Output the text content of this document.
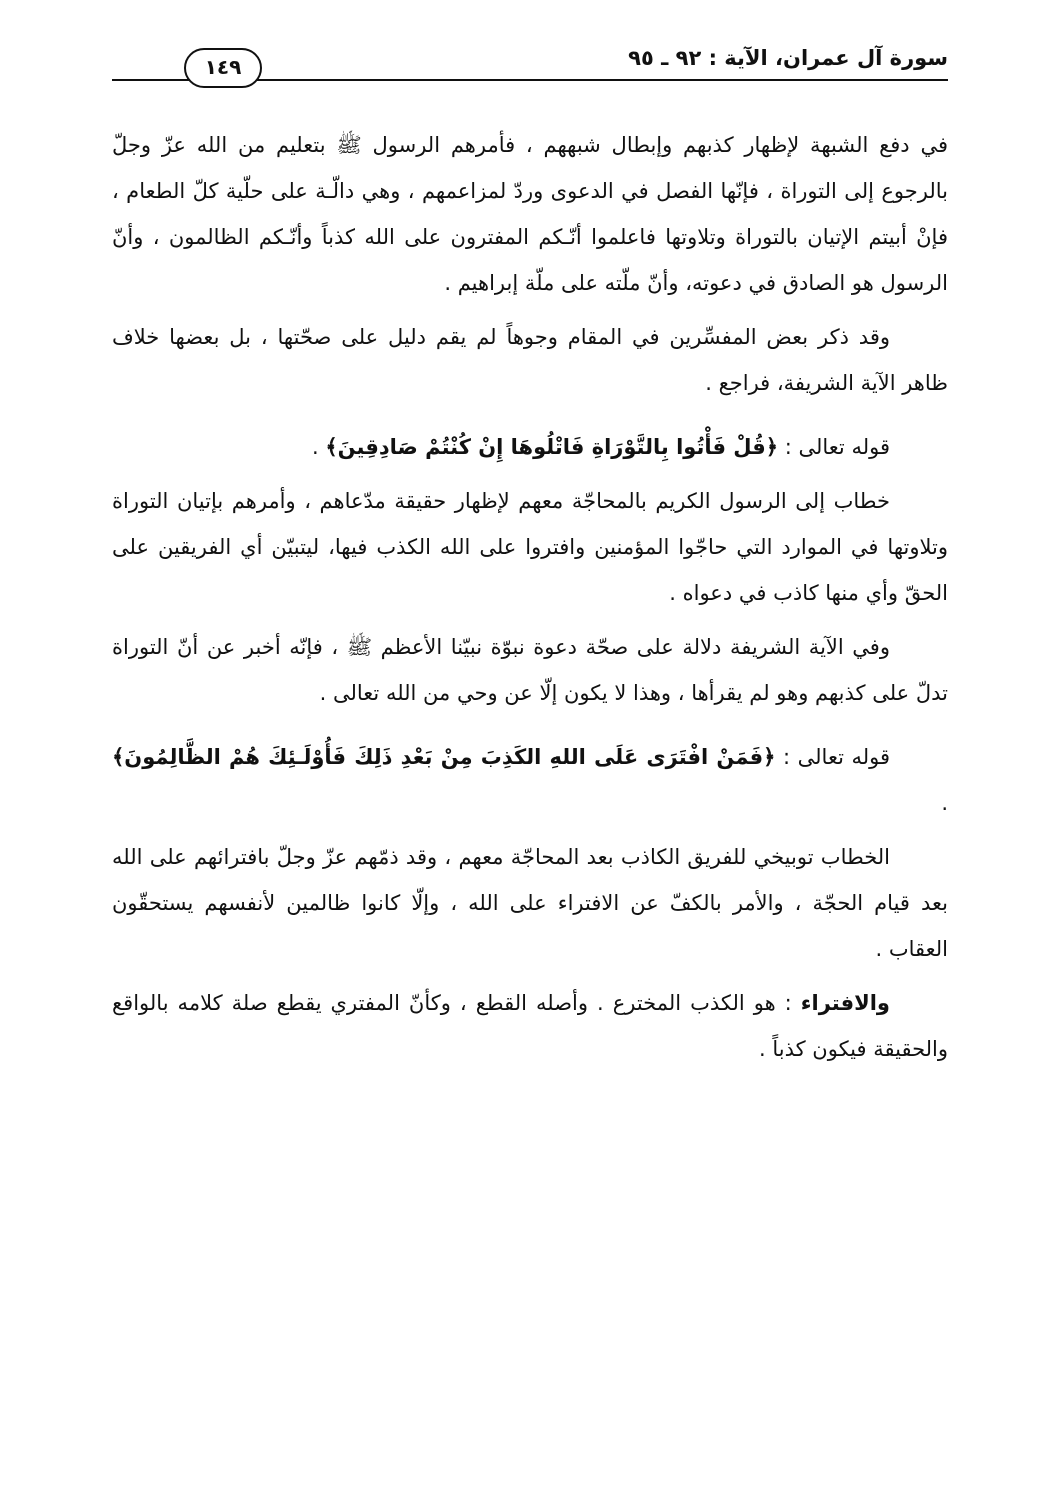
سورة آل عمران، الآية : ٩٢ ـ ٩٥
١٤٩

في دفع الشبهة لإظهار كذبهم وإبطال شبههم ، فأمرهم الرسول ﷺ بتعليم من الله عزّ وجلّ بالرجوع إلى التوراة ، فإنّها الفصل في الدعوى وردّ لمزاعمهم ، وهي دالّـة على حلّية كلّ الطعام ، فإنْ أبيتم الإتيان بالتوراة وتلاوتها فاعلموا أنّـكم المفترون على الله كذباً وأنّـكم الظالمون ، وأنّ الرسول هو الصادق في دعوته، وأنّ ملّته على ملّة إبراهيم .

وقد ذكر بعض المفسِّرين في المقام وجوهاً لم يقم دليل على صحّتها ، بل بعضها خلاف ظاهر الآية الشريفة، فراجع .

قوله تعالى : ﴿قُلْ فَأْتُوا بِالتَّوْرَاةِ فَاتْلُوهَا إِنْ كُنْتُمْ صَادِقِينَ﴾ .

خطاب إلى الرسول الكريم بالمحاجّة معهم لإظهار حقيقة مدّعاهم ، وأمرهم بإتيان التوراة وتلاوتها في الموارد التي حاجّوا المؤمنين وافتروا على الله الكذب فيها، ليتبيّن أي الفريقين على الحقّ وأي منها كاذب في دعواه .

وفي الآية الشريفة دلالة على صحّة دعوة نبوّة نبيّنا الأعظم ﷺ ، فإنّه أخبر عن أنّ التوراة تدلّ على كذبهم وهو لم يقرأها ، وهذا لا يكون إلّا عن وحي من الله تعالى .

قوله تعالى : ﴿فَمَنْ افْتَرَى عَلَى اللهِ الكَذِبَ مِنْ بَعْدِ ذَلِكَ فَأُوْلَـئِكَ هُمْ الظَّالِمُونَ﴾ .

الخطاب توبيخي للفريق الكاذب بعد المحاجّة معهم ، وقد ذمّهم عزّ وجلّ بافترائهم على الله بعد قيام الحجّة ، والأمر بالكفّ عن الافتراء على الله ، وإلّا كانوا ظالمين لأنفسهم يستحقّون العقاب .

والافتراء : هو الكذب المخترع . وأصله القطع ، وكأنّ المفتري يقطع صلة كلامه بالواقع والحقيقة فيكون كذباً .
